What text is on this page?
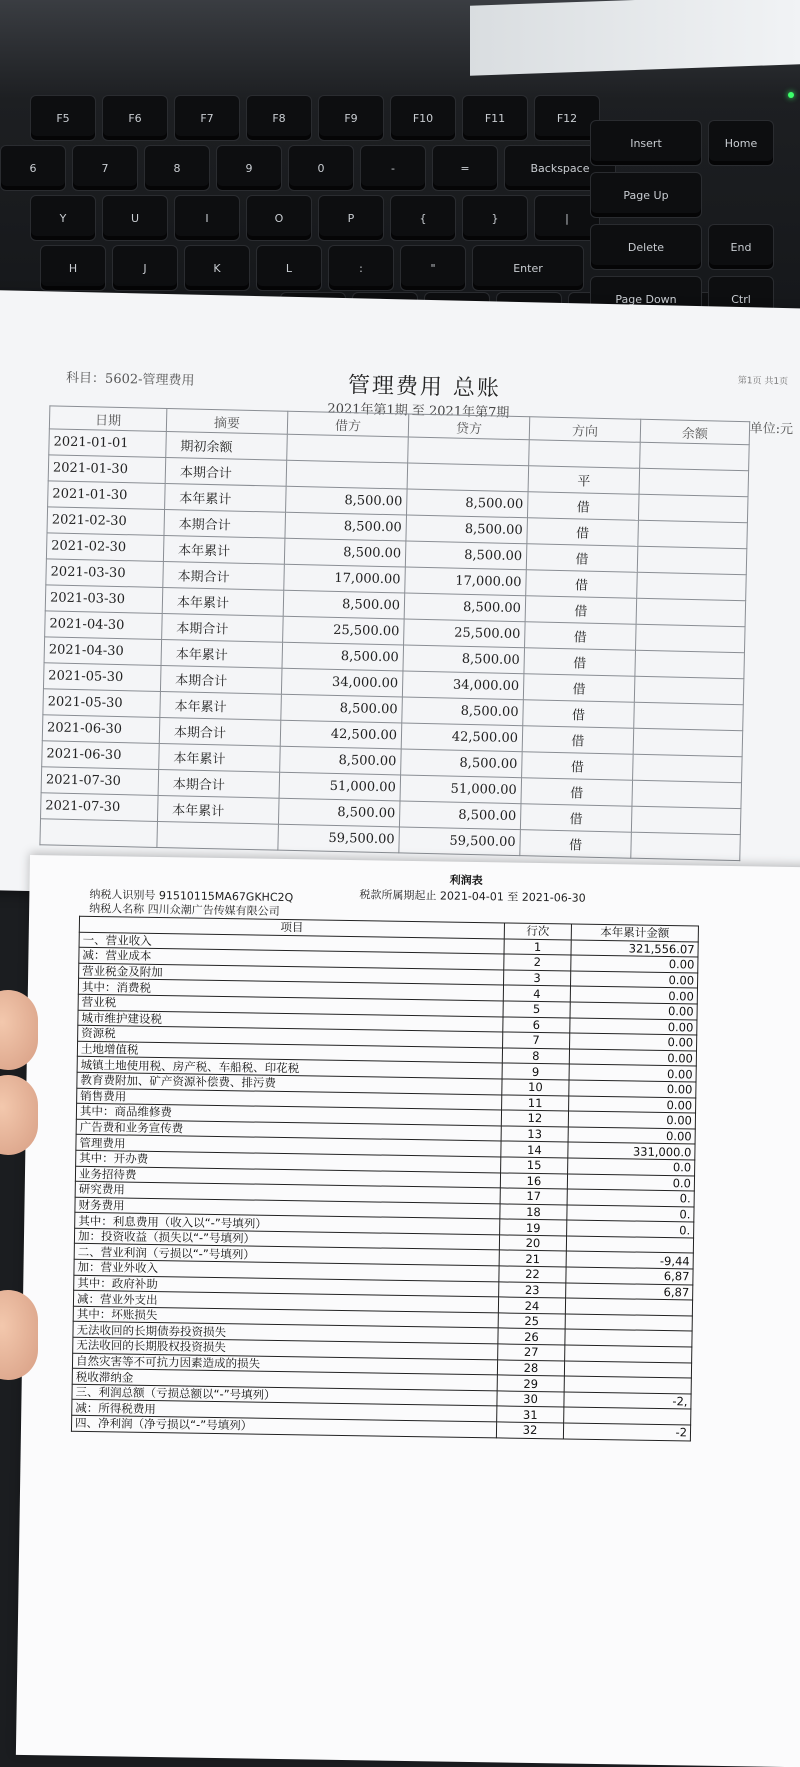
F5	F6	F7	F8	F9	F10	F11	F12
6	7	8	9	0	-	=	Backspace
Y	U	I	O	P	{	}	|
H	J	K	L	:	"	Enter
Insert	Home
Page Up
Delete	End
Page Down	Ctrl
第1页 共1页
科目：5602-管理费用	管理费用 总账
2021年第1期 至 2021年第7期
单位:元
日期	摘要	借方	贷方	方向	余额
2021-01-01	期初余额				
2021-01-30	本期合计			平	
2021-01-30	本年累计	8,500.00	8,500.00	借	
2021-02-30	本期合计	8,500.00	8,500.00	借	
2021-02-30	本年累计	8,500.00	8,500.00	借	
2021-03-30	本期合计	17,000.00	17,000.00	借	
2021-03-30	本年累计	8,500.00	8,500.00	借	
2021-04-30	本期合计	25,500.00	25,500.00	借	
2021-04-30	本年累计	8,500.00	8,500.00	借	
2021-05-30	本期合计	34,000.00	34,000.00	借	
2021-05-30	本年累计	8,500.00	8,500.00	借	
2021-06-30	本期合计	42,500.00	42,500.00	借	
2021-06-30	本年累计	8,500.00	8,500.00	借	
2021-07-30	本期合计	51,000.00	51,000.00	借	
2021-07-30	本年累计	8,500.00	8,500.00	借	
		59,500.00	59,500.00	借	
利润表
税款所属期起止 2021-04-01 至 2021-06-30
纳税人识别号 91510115MA67GKHC2Q
纳税人名称 四川众潮广告传媒有限公司
项目	行次	本年累计金额
一、营业收入	1	321,556.07
减：营业成本	2	0.00
营业税金及附加	3	0.00
其中：消费税	4	0.00
营业税	5	0.00
城市维护建设税	6	0.00
资源税	7	0.00
土地增值税	8	0.00
城镇土地使用税、房产税、车船税、印花税	9	0.00
教育费附加、矿产资源补偿费、排污费	10	0.00
销售费用	11	0.00
其中：商品维修费	12	0.00
广告费和业务宣传费	13	0.00
管理费用	14	331,000.0
其中：开办费	15	0.0
业务招待费	16	0.0
研究费用	17	0.
财务费用	18	0.
其中：利息费用（收入以“-”号填列）	19	0.
加：投资收益（损失以“-”号填列）	20	
二、营业利润（亏损以“-”号填列）	21	-9,44
加：营业外收入	22	6,87
其中：政府补助	23	6,87
减：营业外支出	24	
其中：坏账损失	25	
无法收回的长期债券投资损失	26	
无法收回的长期股权投资损失	27	
自然灾害等不可抗力因素造成的损失	28	
税收滞纳金	29	
三、利润总额（亏损总额以“-”号填列）	30	-2,
减：所得税费用	31	
四、净利润（净亏损以“-”号填列）	32	-2
